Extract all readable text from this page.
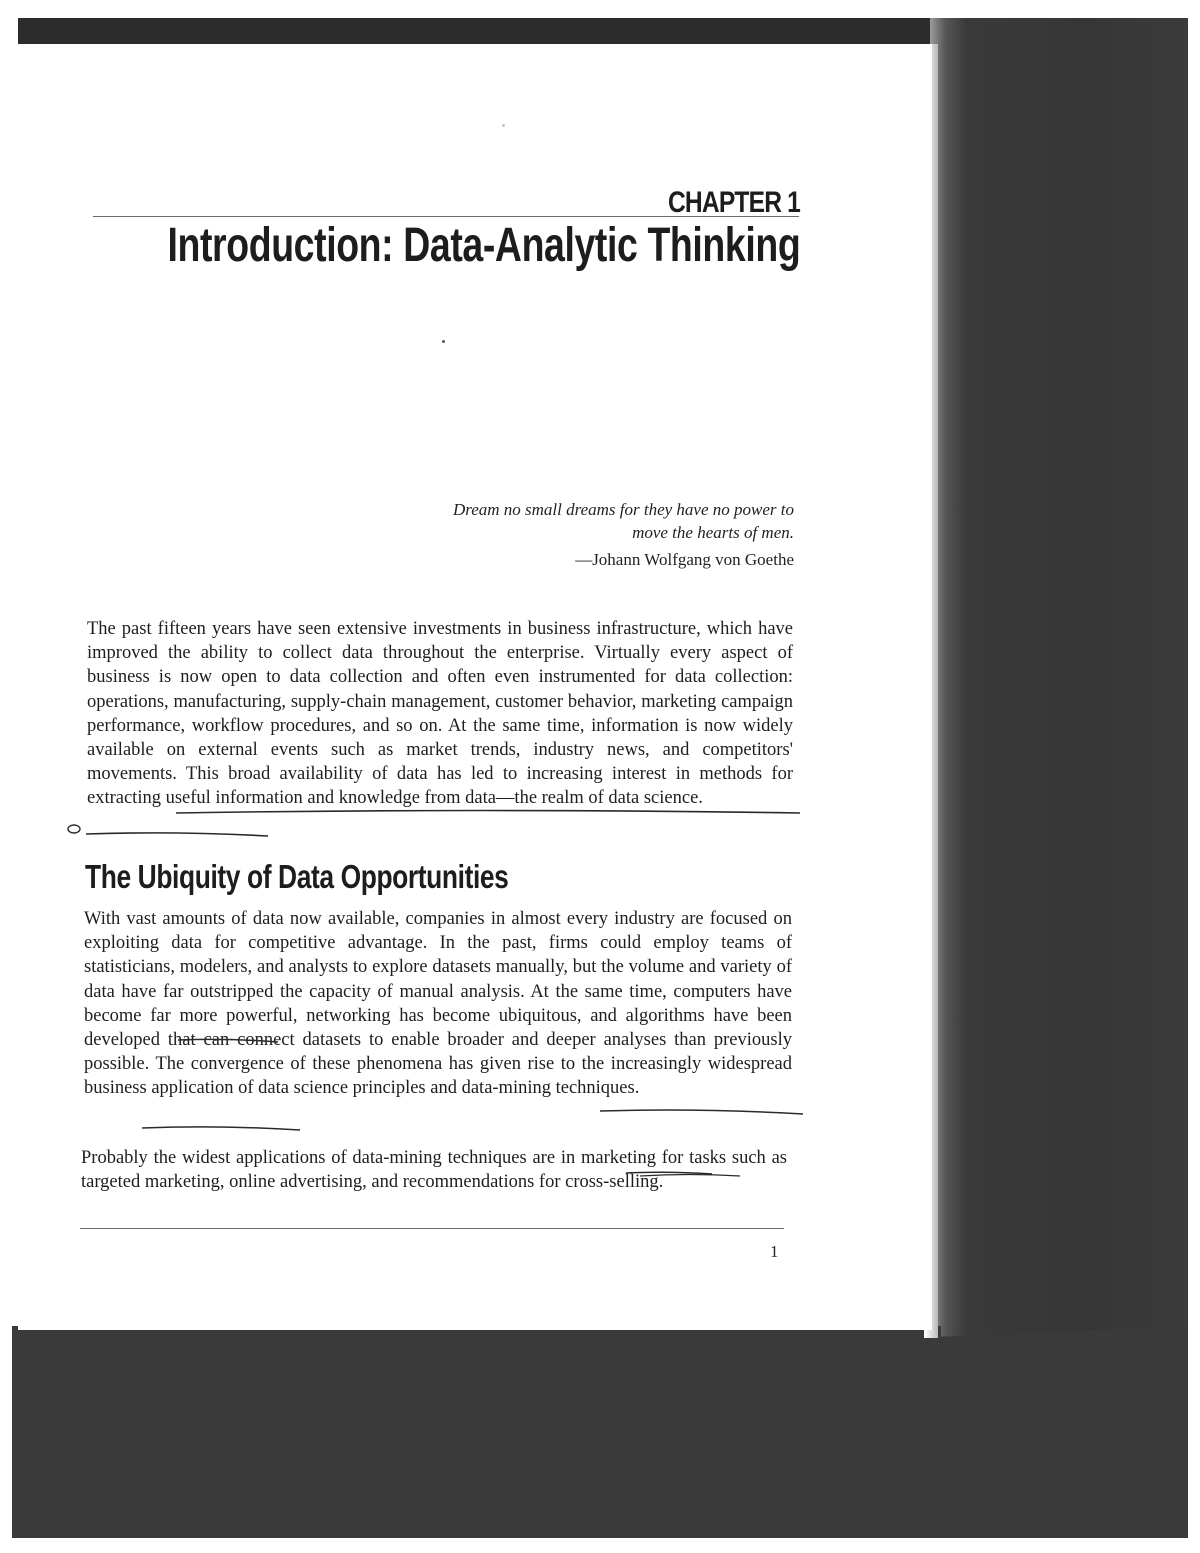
CHAPTER 1
Introduction: Data-Analytic Thinking
Dream no small dreams for they have no power to move the hearts of men.
—Johann Wolfgang von Goethe

The past fifteen years have seen extensive investments in business infrastructure, which have improved the ability to collect data throughout the enterprise. Virtually every aspect of business is now open to data collection and often even instrumented for data collection: operations, manufacturing, supply-chain management, customer behavior, marketing campaign performance, workflow procedures, and so on. At the same time, information is now widely available on external events such as market trends, industry news, and competitors' movements. This broad availability of data has led to increasing interest in methods for extracting useful information and knowledge from data—the realm of data science.

The Ubiquity of Data Opportunities

With vast amounts of data now available, companies in almost every industry are focused on exploiting data for competitive advantage. In the past, firms could employ teams of statisticians, modelers, and analysts to explore datasets manually, but the volume and variety of data have far outstripped the capacity of manual analysis. At the same time, computers have become far more powerful, networking has become ubiquitous, and algorithms have been developed that can connect datasets to enable broader and deeper analyses than previously possible. The convergence of these phenomena has given rise to the increasingly widespread business application of data science principles and data-mining techniques.

Probably the widest applications of data-mining techniques are in marketing for tasks such as targeted marketing, online advertising, and recommendations for cross-selling.

1
